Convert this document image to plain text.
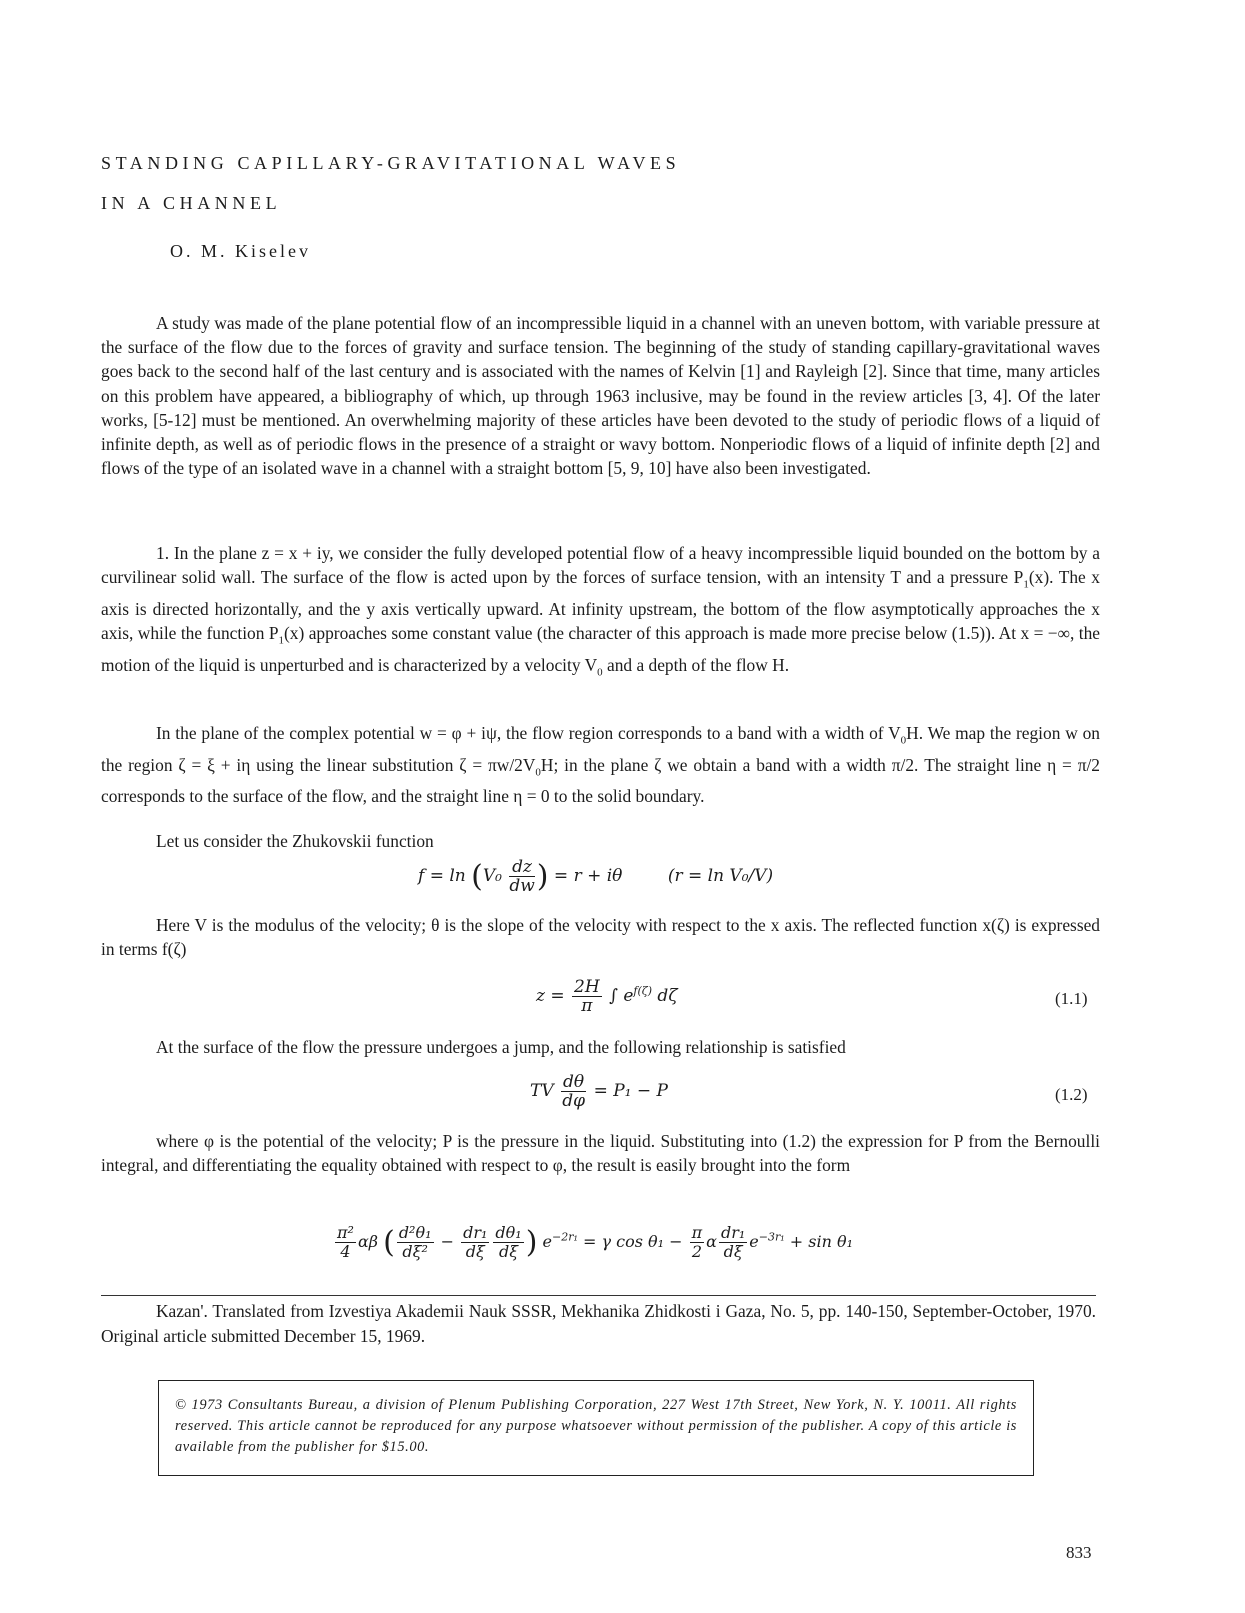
STANDING CAPILLARY-GRAVITATIONAL WAVES
IN A CHANNEL
O. M. Kiselev

A study was made of the plane potential flow of an incompressible liquid in a channel with an uneven bottom, with variable pressure at the surface of the flow due to the forces of gravity and surface tension. The beginning of the study of standing capillary-gravitational waves goes back to the second half of the last century and is associated with the names of Kelvin [1] and Rayleigh [2]. Since that time, many articles on this problem have appeared, a bibliography of which, up through 1963 inclusive, may be found in the review articles [3, 4]. Of the later works, [5-12] must be mentioned. An overwhelming majority of these articles have been devoted to the study of periodic flows of a liquid of infinite depth, as well as of periodic flows in the presence of a straight or wavy bottom. Nonperiodic flows of a liquid of infinite depth [2] and flows of the type of an isolated wave in a channel with a straight bottom [5, 9, 10] have also been investigated.

1. In the plane z = x + iy, we consider the fully developed potential flow of a heavy incompressible liquid bounded on the bottom by a curvilinear solid wall. The surface of the flow is acted upon by the forces of surface tension, with an intensity T and a pressure $P_1(x)$. The x axis is directed horizontally, and the y axis vertically upward. At infinity upstream, the bottom of the flow asymptotically approaches the x axis, while the function $P_1(x)$ approaches some constant value (the character of this approach is made more precise below (1.5)). At x = −∞, the motion of the liquid is unperturbed and is characterized by a velocity $V_0$ and a depth of the flow H.

In the plane of the complex potential w = φ + iψ, the flow region corresponds to a band with a width of $V_0H$. We map the region w on the region ζ = ξ + iη using the linear substitution $\zeta = \pi w/2V_0H$; in the plane ζ we obtain a band with a width π/2. The straight line η = π/2 corresponds to the surface of the flow, and the straight line η = 0 to the solid boundary.

Let us consider the Zhukovskii function

$f = \ln (V_0 \frac{dz}{dw}$ ) = r + iθ	(r = ln V₀/V)

Here V is the modulus of the velocity; θ is the slope of the velocity with respect to the x axis. The reflected function x(ζ) is expressed in terms f(ζ)

$z = \frac{2H}{\pi}$ ∫ $e^{f(\zeta)}$ dζ	(1.1)

At the surface of the flow the pressure undergoes a jump, and the following relationship is satisfied

TV $\frac{d\theta}{d\varphi} = P_1 - P$	(1.2)

where φ is the potential of the velocity; P is the pressure in the liquid. Substituting into (1.2) the expression for P from the Bernoulli integral, and differentiating the equality obtained with respect to φ, the result is easily brought into the form

$\frac{\text{π²}}{4}$ αβ ( $\frac{\text{d²θ₁}}{\text{dξ²}} - \frac{\text{dr₁}}{d\xi} \frac{\text{dθ₁}}{d\xi}$ ) $e^{-2r_1} = \gamma$ $\cos \theta_1 - \frac{\pi}{2}$ α $\frac{\text{dr₁}}{d\xi} e^{-3r_1} + \sin \theta_1$

Kazan'. Translated from Izvestiya Akademii Nauk SSSR, Mekhanika Zhidkosti i Gaza, No. 5, pp. 140-150, September-October, 1970. Original article submitted December 15, 1969.

© 1973 Consultants Bureau, a division of Plenum Publishing Corporation, 227 West 17th Street, New York, N. Y. 10011. All rights reserved. This article cannot be reproduced for any purpose whatsoever without permission of the publisher. A copy of this article is available from the publisher for $15.00.

833
